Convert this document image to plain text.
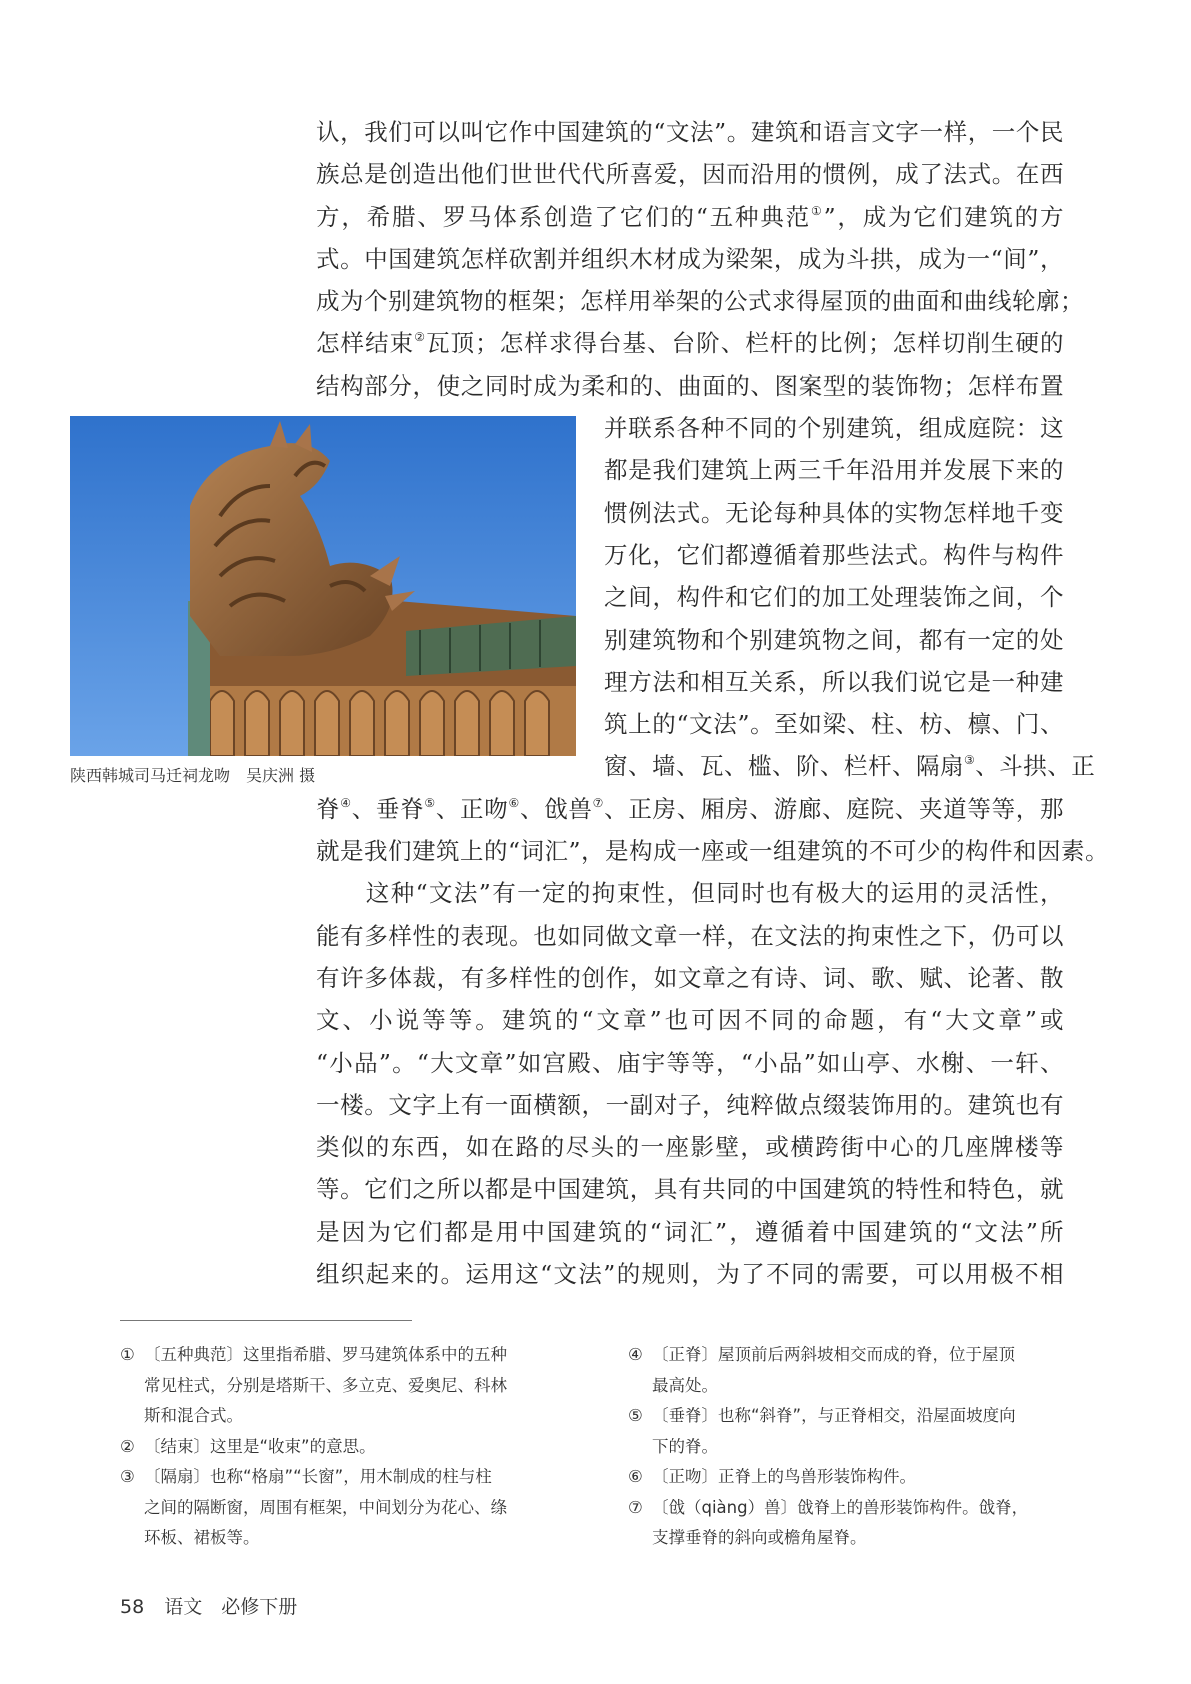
认，我们可以叫它作中国建筑的“文法”。建筑和语言文字一样，一个民
族总是创造出他们世世代代所喜爱，因而沿用的惯例，成了法式。在西
方，希腊、罗马体系创造了它们的“五种典范①”，成为它们建筑的方
式。中国建筑怎样砍割并组织木材成为梁架，成为斗拱，成为一“间”，
成为个别建筑物的框架；怎样用举架的公式求得屋顶的曲面和曲线轮廓；
怎样结束②瓦顶；怎样求得台基、台阶、栏杆的比例；怎样切削生硬的
结构部分，使之同时成为柔和的、曲面的、图案型的装饰物；怎样布置
并联系各种不同的个别建筑，组成庭院：这
都是我们建筑上两三千年沿用并发展下来的
惯例法式。无论每种具体的实物怎样地千变
万化，它们都遵循着那些法式。构件与构件
之间，构件和它们的加工处理装饰之间，个
别建筑物和个别建筑物之间，都有一定的处
理方法和相互关系，所以我们说它是一种建
筑上的“文法”。至如梁、柱、枋、檩、门、
窗、墙、瓦、槛、阶、栏杆、隔扇③、斗拱、正
脊④、垂脊⑤、正吻⑥、戗兽⑦、正房、厢房、游廊、庭院、夹道等等，那
就是我们建筑上的“词汇”，是构成一座或一组建筑的不可少的构件和因素。
　　这种“文法”有一定的拘束性，但同时也有极大的运用的灵活性，
能有多样性的表现。也如同做文章一样，在文法的拘束性之下，仍可以
有许多体裁，有多样性的创作，如文章之有诗、词、歌、赋、论著、散
文、小说等等。建筑的“文章”也可因不同的命题，有“大文章”或
“小品”。“大文章”如宫殿、庙宇等等，“小品”如山亭、水榭、一轩、
一楼。文字上有一面横额，一副对子，纯粹做点缀装饰用的。建筑也有
类似的东西，如在路的尽头的一座影壁，或横跨街中心的几座牌楼等
等。它们之所以都是中国建筑，具有共同的中国建筑的特性和特色，就
是因为它们都是用中国建筑的“词汇”，遵循着中国建筑的“文法”所
组织起来的。运用这“文法”的规则，为了不同的需要，可以用极不相
陕西韩城司马迁祠龙吻　吴庆洲 摄
① 〔五种典范〕这里指希腊、罗马建筑体系中的五种
常见柱式，分别是塔斯干、多立克、爱奥尼、科林
斯和混合式。
② 〔结束〕这里是“收束”的意思。
③ 〔隔扇〕也称“格扇”“长窗”，用木制成的柱与柱
之间的隔断窗，周围有框架，中间划分为花心、绦
环板、裙板等。
④ 〔正脊〕屋顶前后两斜坡相交而成的脊，位于屋顶
最高处。
⑤ 〔垂脊〕也称“斜脊”，与正脊相交，沿屋面坡度向
下的脊。
⑥ 〔正吻〕正脊上的鸟兽形装饰构件。
⑦ 〔戗（qiàng）兽〕戗脊上的兽形装饰构件。戗脊，
支撑垂脊的斜向或檐角屋脊。
58 语文　必修下册
